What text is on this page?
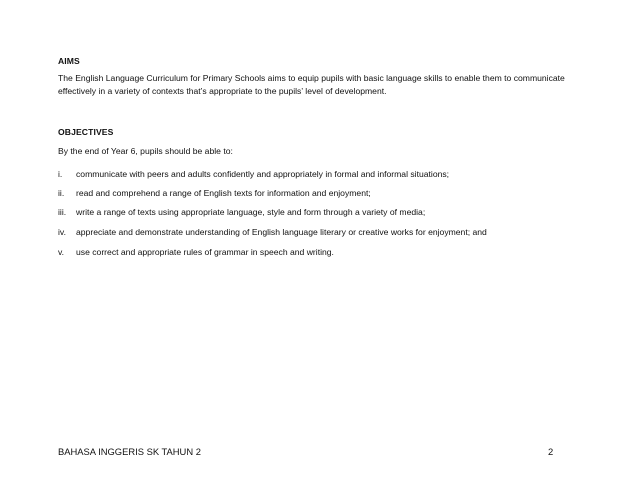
AIMS
The English Language Curriculum for Primary Schools aims to equip pupils with basic language skills to enable them to communicate effectively in a variety of contexts that’s appropriate to the pupils’ level of development.
OBJECTIVES
By the end of Year 6, pupils should be able to:
i. communicate with peers and adults confidently and appropriately in formal and informal situations;
ii. read and comprehend a range of English texts for information and enjoyment;
iii. write a range of texts using appropriate language, style and form through a variety of media;
iv. appreciate and demonstrate understanding of English language literary or creative works for enjoyment; and
v. use correct and appropriate rules of grammar in speech and writing.
BAHASA INGGERIS SK TAHUN 2	2
